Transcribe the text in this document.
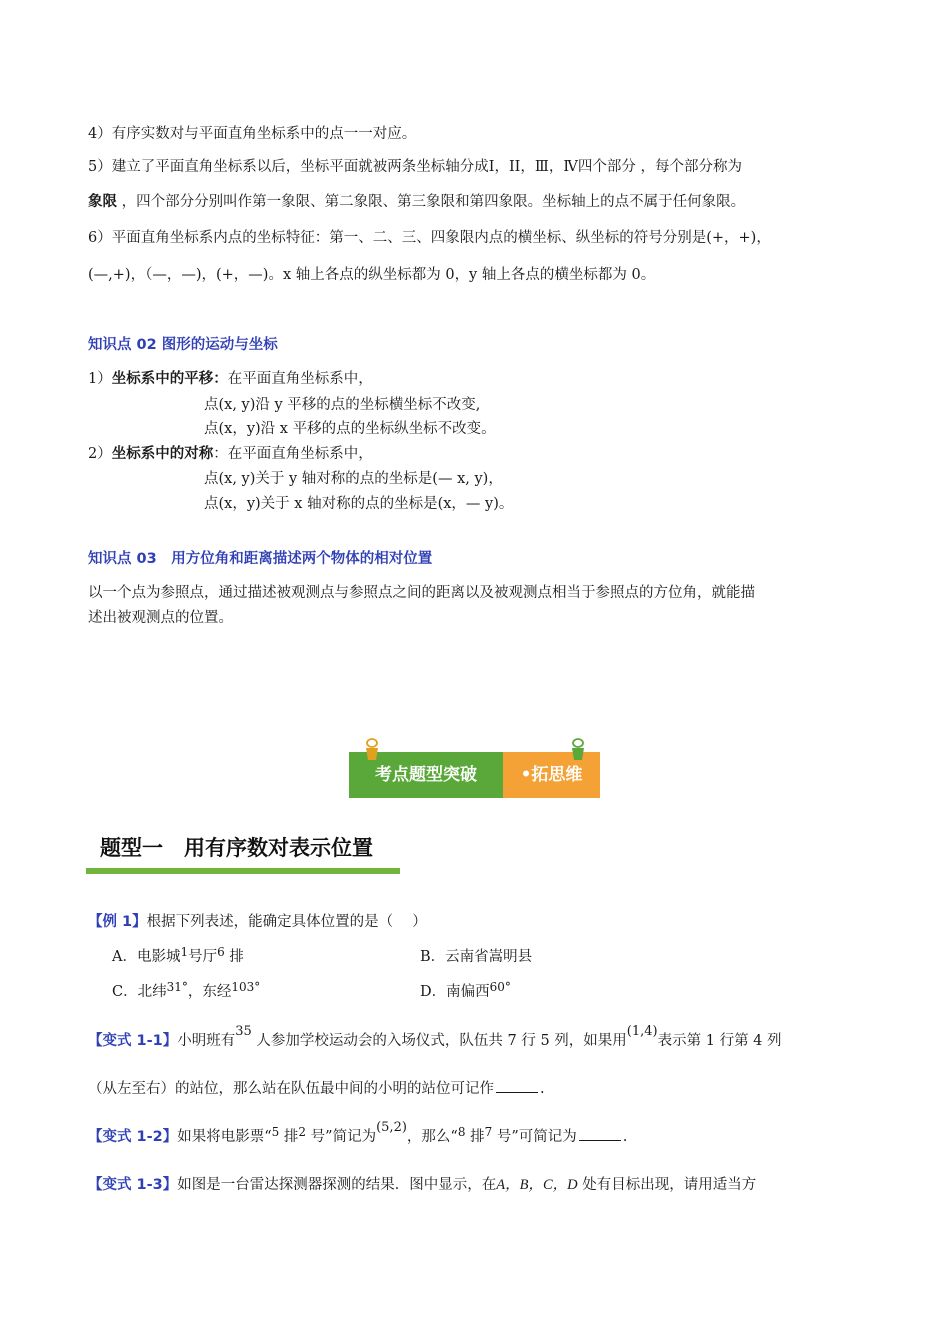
4）有序实数对与平面直角坐标系中的点一一对应。
5）建立了平面直角坐标系以后，坐标平面就被两条坐标轴分成Ⅰ，II，Ⅲ，Ⅳ四个部分 ，每个部分称为
象限 ，四个部分分别叫作第一象限、第二象限、第三象限和第四象限。坐标轴上的点不属于任何象限。
6）平面直角坐标系内点的坐标特征：第一、二、三、四象限内点的横坐标、纵坐标的符号分别是(+，+)，
(—,+)，（—，—)，(+，—)。x 轴上各点的纵坐标都为 0，y 轴上各点的横坐标都为 0。
知识点 02 图形的运动与坐标
1）坐标系中的平移：在平面直角坐标系中，
点(x, y)沿 y 平移的点的坐标横坐标不改变,
点(x，y)沿 x 平移的点的坐标纵坐标不改变。
2）坐标系中的对称：在平面直角坐标系中，
点(x, y)关于 y 轴对称的点的坐标是(— x, y)，
点(x，y)关于 x 轴对称的点的坐标是(x，— y)。
知识点 03　用方位角和距离描述两个物体的相对位置
以一个点为参照点，通过描述被观测点与参照点之间的距离以及被观测点相当于参照点的方位角，就能描
述出被观测点的位置。
考点题型突破	•拓思维
题型一　用有序数对表示位置
【例 1】根据下列表述，能确定具体位置的是（　 ）
A．电影城$^1$号厅$^6$ 排	B．云南省嵩明县
C．北纬$^{31^\circ}$，东经$^{103^\circ}$	D．南偏西$^{60^\circ}$
【变式 1-1】小明班有35 人参加学校运动会的入场仪式，队伍共 7 行 5 列，如果用(1,4)表示第 1 行第 4 列
（从左至右）的站位，那么站在队伍最中间的小明的站位可记作	.
【变式 1-2】如果将电影票“$^5$ 排$^2$ 号”简记为(5,2)，那么“$^8$ 排$^7$ 号”可简记为	.
【变式 1-3】如图是一台雷达探测器探测的结果．图中显示，在A，B，C，D 处有目标出现，请用适当方
